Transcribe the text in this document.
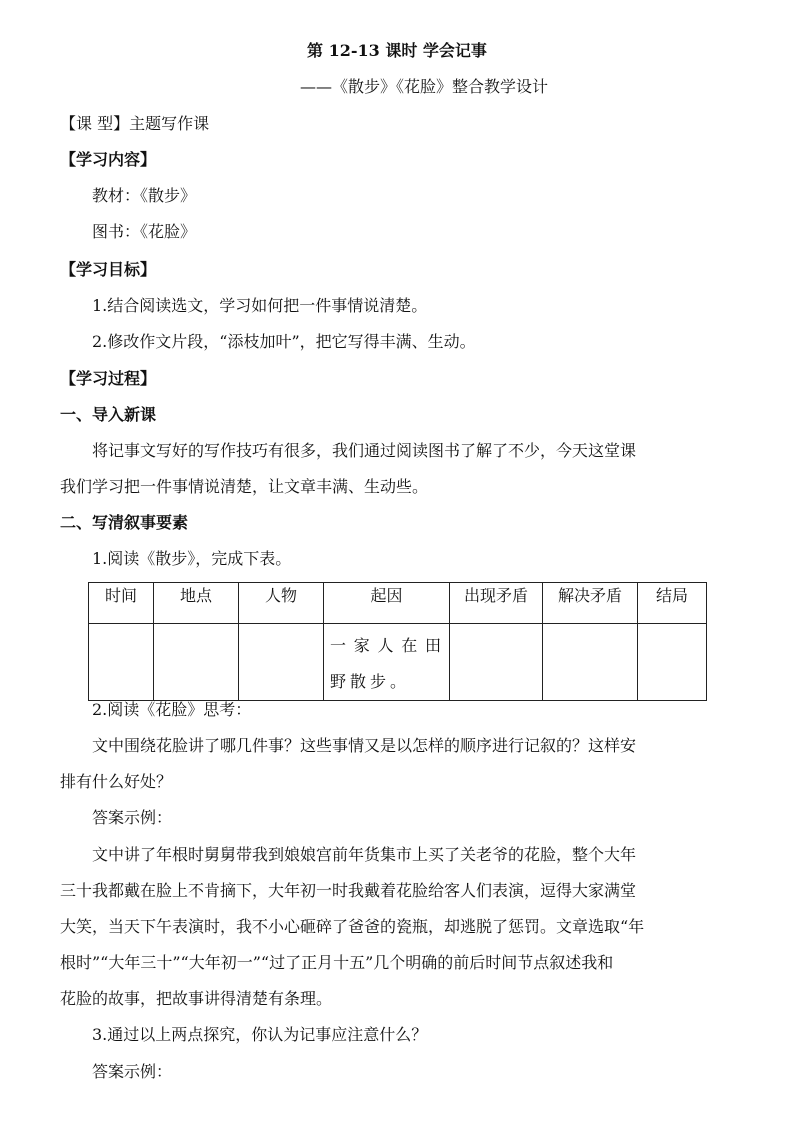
第 12-13 课时 学会记事
——《散步》《花脸》整合教学设计
【课 型】主题写作课
【学习内容】
教材：《散步》
图书：《花脸》
【学习目标】
1.结合阅读选文，学习如何把一件事情说清楚。
2.修改作文片段，“添枝加叶”，把它写得丰满、生动。
【学习过程】
一、导入新课
将记事文写好的写作技巧有很多，我们通过阅读图书了解了不少，今天这堂课
我们学习把一件事情说清楚，让文章丰满、生动些。
二、写清叙事要素
1.阅读《散步》，完成下表。
时间	地点	人物	起因	出现矛盾	解决矛盾	结局

			一家人在田野散步。			

2.阅读《花脸》思考：
文中围绕花脸讲了哪几件事？这些事情又是以怎样的顺序进行记叙的？这样安
排有什么好处？
答案示例：
文中讲了年根时舅舅带我到娘娘宫前年货集市上买了关老爷的花脸，整个大年
三十我都戴在脸上不肯摘下，大年初一时我戴着花脸给客人们表演，逗得大家满堂
大笑，当天下午表演时，我不小心砸碎了爸爸的瓷瓶，却逃脱了惩罚。文章选取“年
根时”“大年三十”“大年初一”“过了正月十五”几个明确的前后时间节点叙述我和
花脸的故事，把故事讲得清楚有条理。
3.通过以上两点探究，你认为记事应注意什么？
答案示例：
